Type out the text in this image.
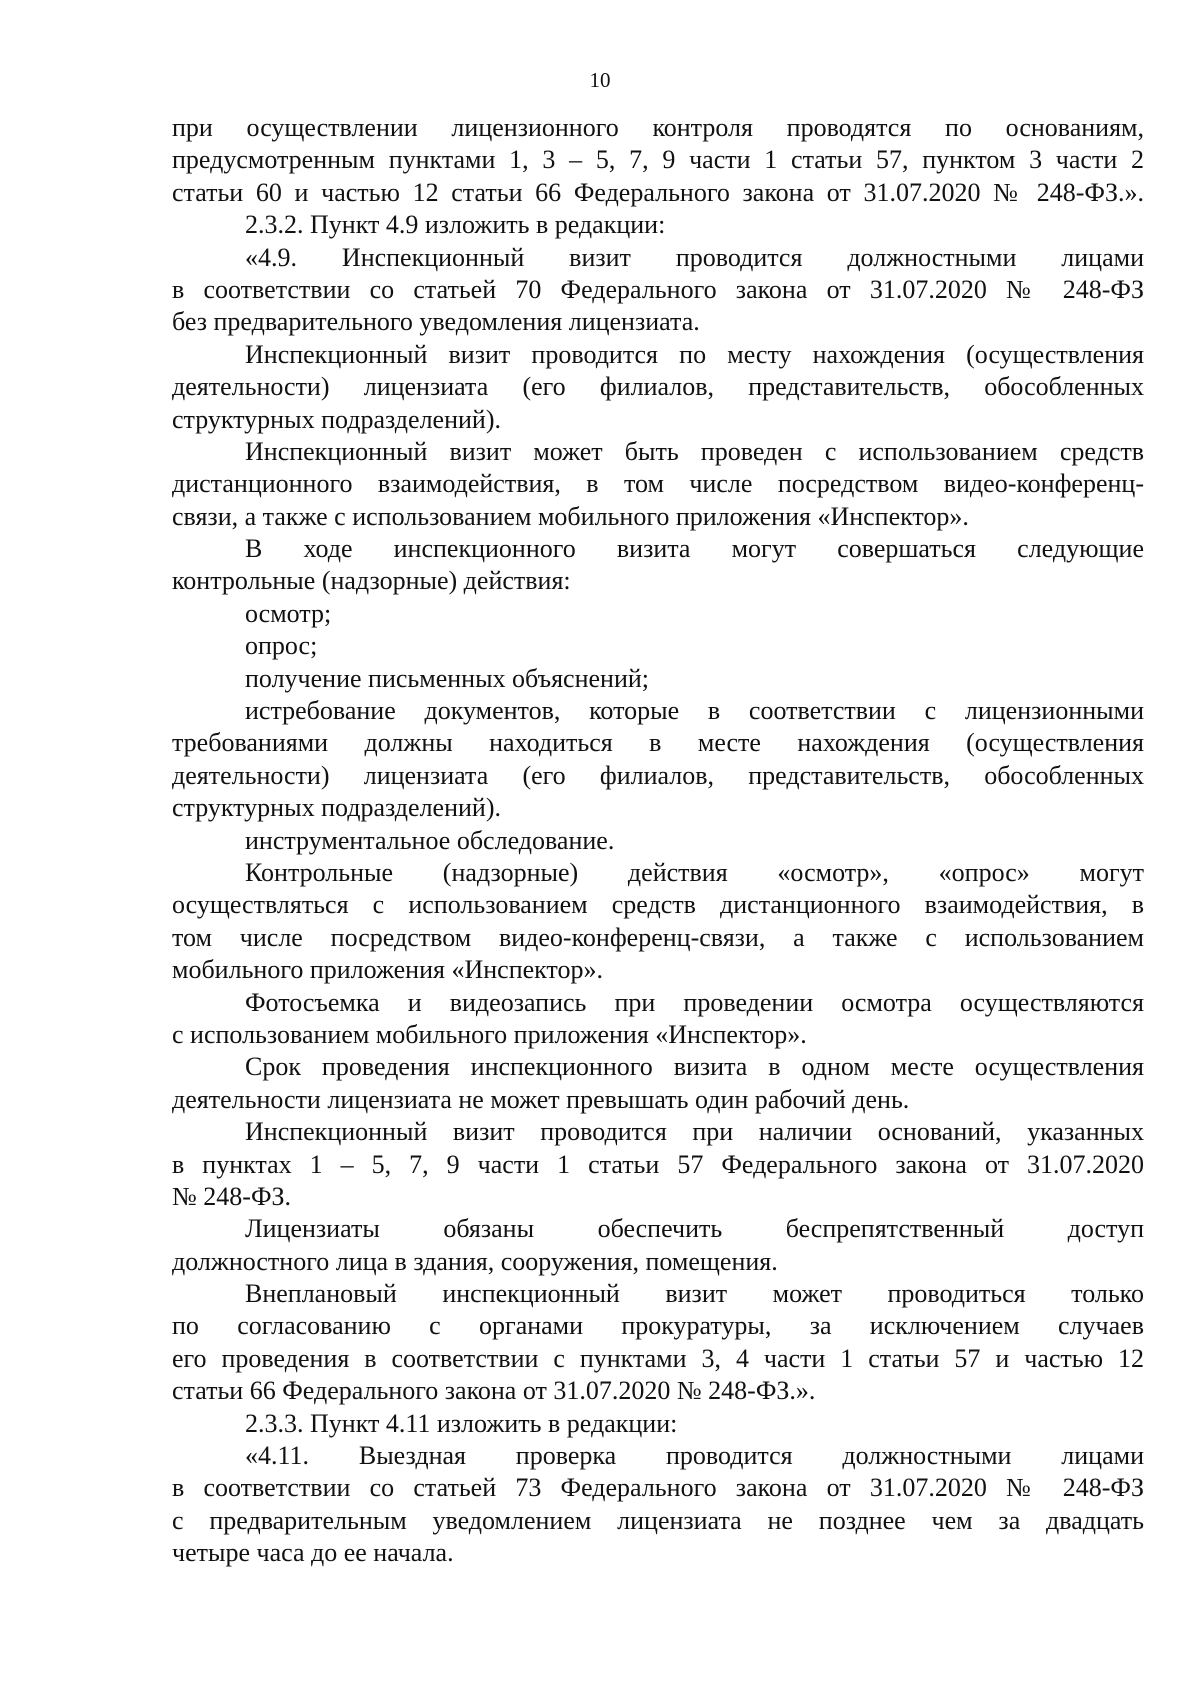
10
при осуществлении лицензионного контроля проводятся по основаниям,
предусмотренным пунктами 1, 3 – 5, 7, 9 части 1 статьи 57, пунктом 3 части 2
статьи 60 и частью 12 статьи 66 Федерального закона от 31.07.2020 № 248-ФЗ.».
2.3.2. Пункт 4.9 изложить в редакции:
«4.9. Инспекционный визит проводится должностными лицами
в соответствии со статьей 70 Федерального закона от 31.07.2020 № 248-ФЗ
без предварительного уведомления лицензиата.
Инспекционный визит проводится по месту нахождения (осуществления
деятельности) лицензиата (его филиалов, представительств, обособленных
структурных подразделений).
Инспекционный визит может быть проведен с использованием средств
дистанционного взаимодействия, в том числе посредством видео-конференц-
связи, а также с использованием мобильного приложения «Инспектор».
В ходе инспекционного визита могут совершаться следующие
контрольные (надзорные) действия:
осмотр;
опрос;
получение письменных объяснений;
истребование документов, которые в соответствии с лицензионными
требованиями должны находиться в месте нахождения (осуществления
деятельности) лицензиата (его филиалов, представительств, обособленных
структурных подразделений).
инструментальное обследование.
Контрольные (надзорные) действия «осмотр», «опрос» могут
осуществляться с использованием средств дистанционного взаимодействия, в
том числе посредством видео-конференц-связи, а также с использованием
мобильного приложения «Инспектор».
Фотосъемка и видеозапись при проведении осмотра осуществляются
с использованием мобильного приложения «Инспектор».
Срок проведения инспекционного визита в одном месте осуществления
деятельности лицензиата не может превышать один рабочий день.
Инспекционный визит проводится при наличии оснований, указанных
в пунктах 1 – 5, 7, 9 части 1 статьи 57 Федерального закона от 31.07.2020
№ 248-ФЗ.
Лицензиаты обязаны обеспечить беспрепятственный доступ
должностного лица в здания, сооружения, помещения.
Внеплановый инспекционный визит может проводиться только
по согласованию с органами прокуратуры, за исключением случаев
его проведения в соответствии с пунктами 3, 4 части 1 статьи 57 и частью 12
статьи 66 Федерального закона от 31.07.2020 № 248-ФЗ.».
2.3.3. Пункт 4.11 изложить в редакции:
«4.11. Выездная проверка проводится должностными лицами
в соответствии со статьей 73 Федерального закона от 31.07.2020 № 248-ФЗ
с предварительным уведомлением лицензиата не позднее чем за двадцать
четыре часа до ее начала.
